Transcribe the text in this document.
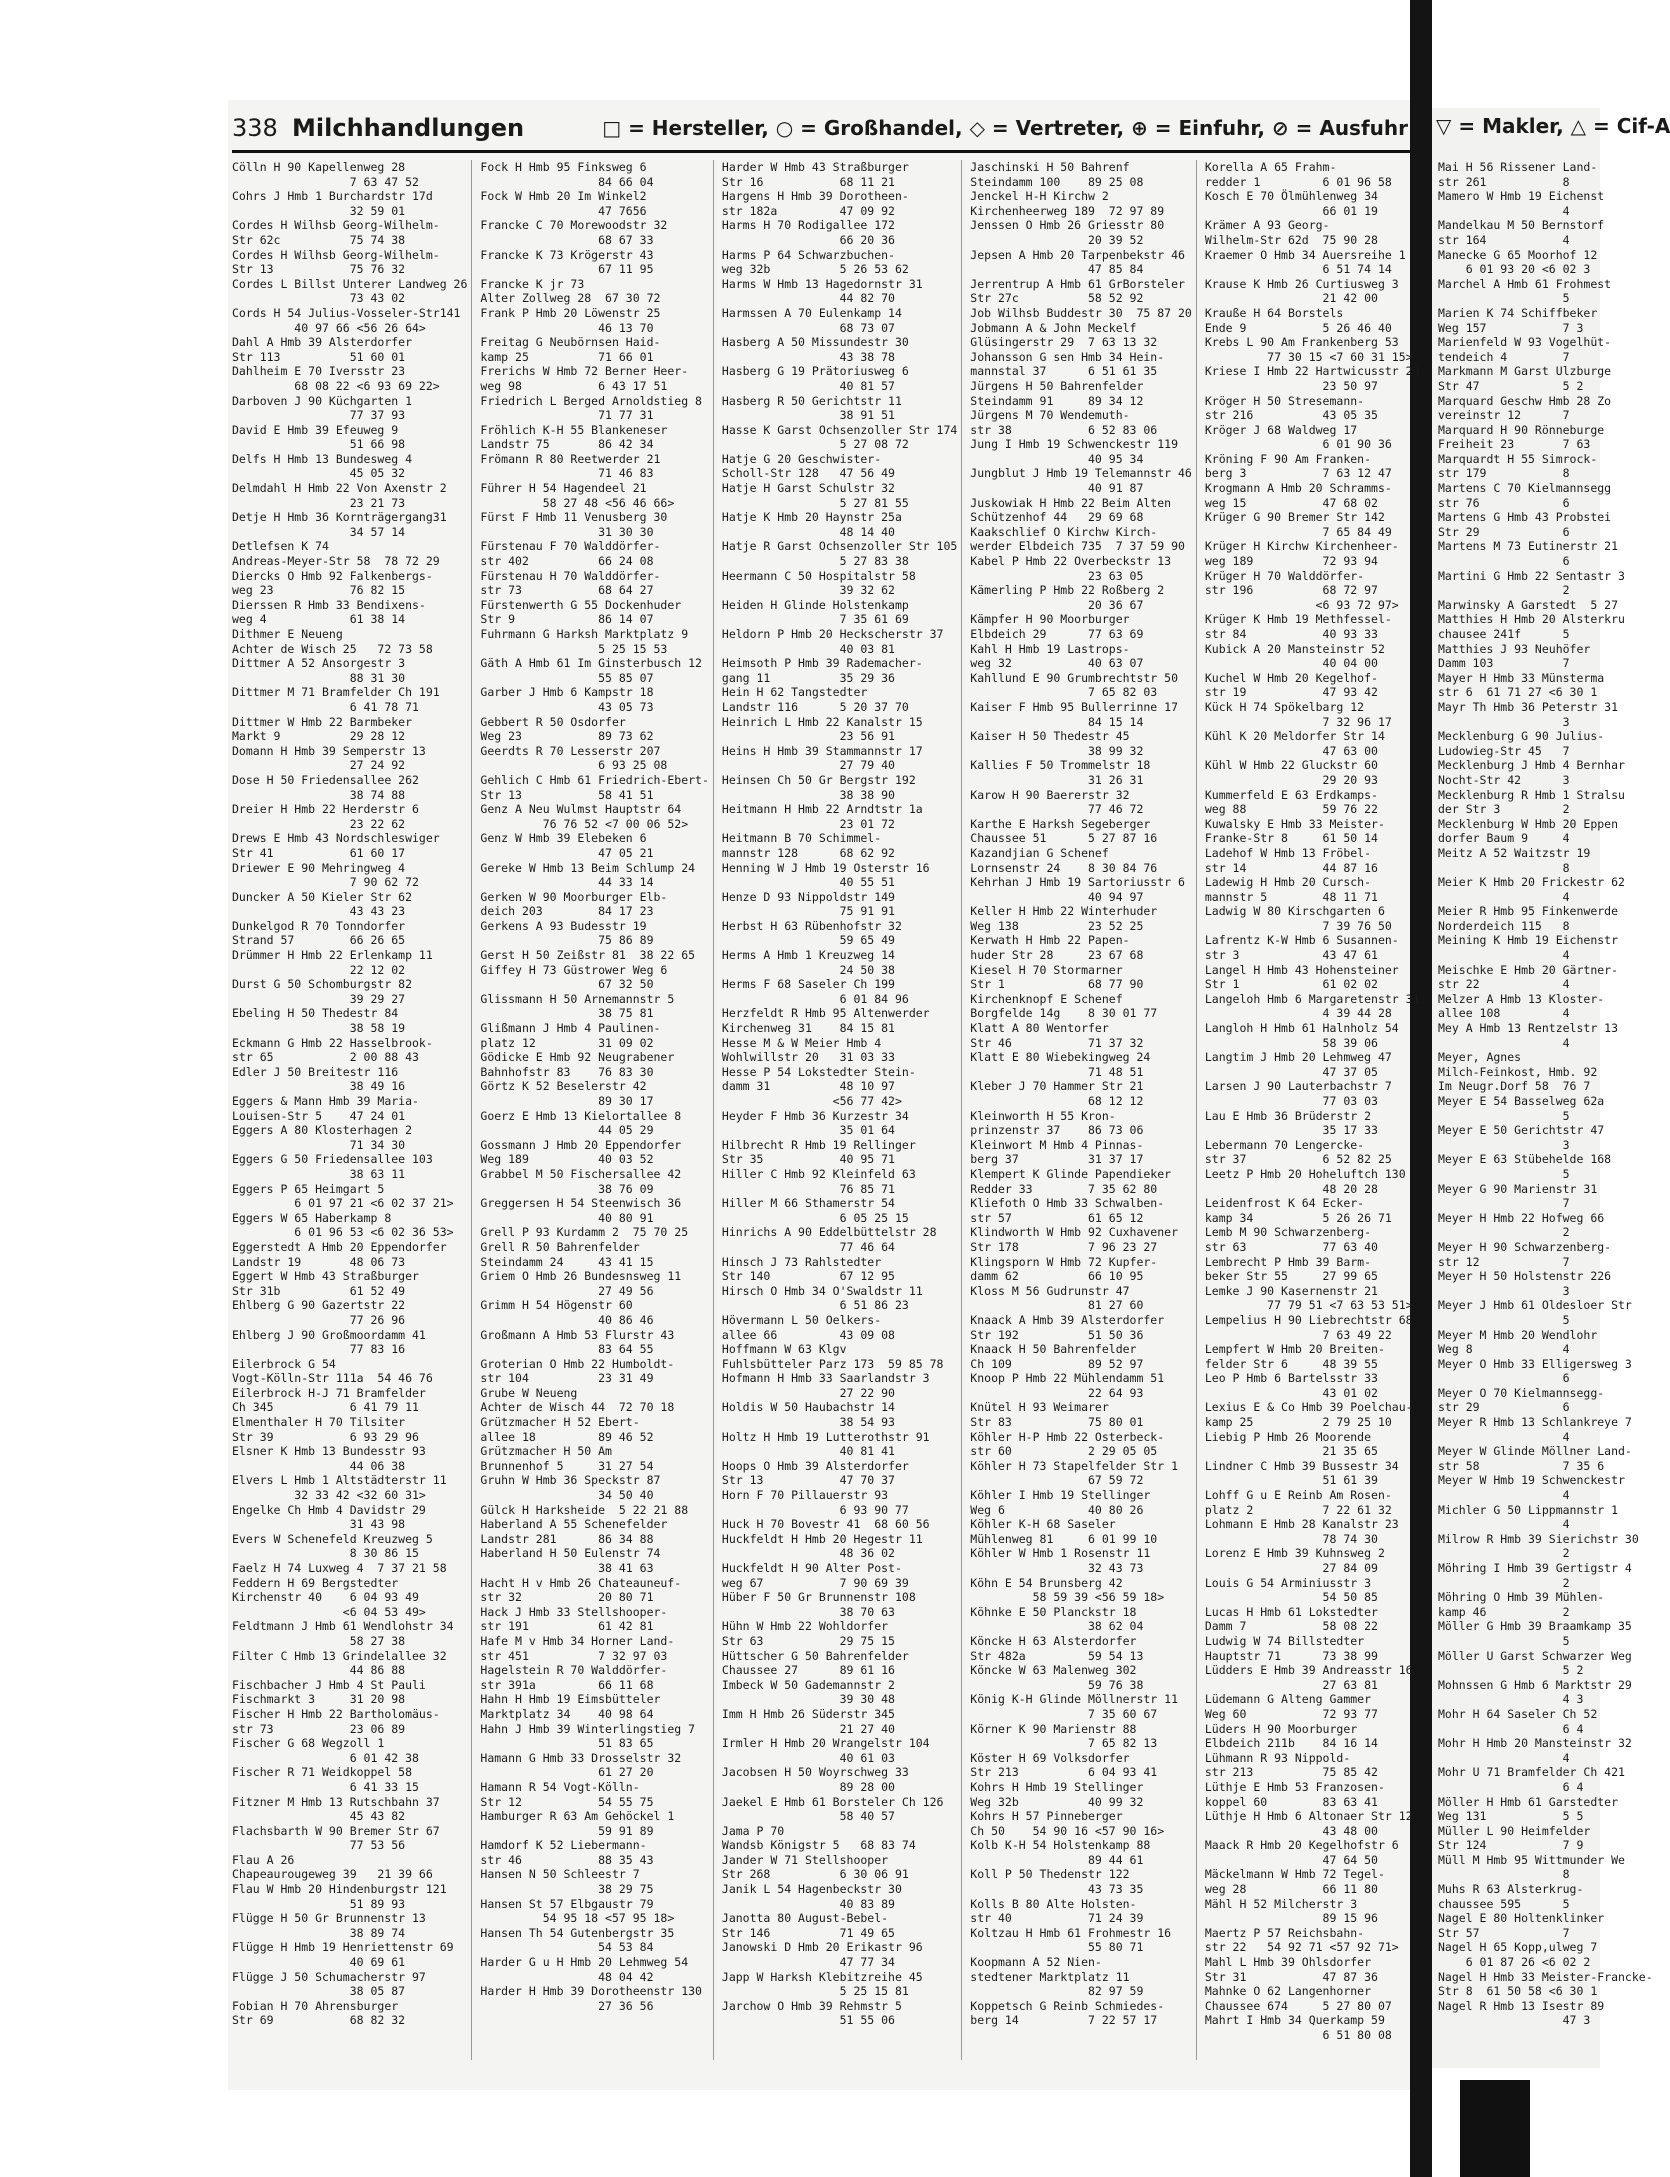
▽ = Makler, △ = Cif-A
Mai H 56 Rissener Land-
str 261           8
Mamero W Hmb 19 Eichenst
4
Mandelkau M 50 Bernstorf
str 164           4
Manecke G 65 Moorhof 12
6 01 93 20 <6 02 3
Marchel A Hmb 61 Frohmest
5
Marien K 74 Schiffbeker
Weg 157           7 3
Marienfeld W 93 Vogelhüt-
tendeich 4        7
Markmann M Garst Ulzburge
Str 47            5 2
Marquard Geschw Hmb 28 Zo
vereinstr 12      7
Marquard H 90 Rönneburge
Freiheit 23       7 63
Marquardt H 55 Simrock-
str 179           8
Martens C 70 Kielmannsegg
str 76            6
Martens G Hmb 43 Probstei
Str 29            6
Martens M 73 Eutinerstr 21
6
Martini G Hmb 22 Sentastr 3
2
Marwinsky A Garstedt  5 27
Matthies H Hmb 20 Alsterkru
chausee 241f      5
Matthies J 93 Neuhöfer
Damm 103          7
Mayer H Hmb 33 Münsterma
str 6  61 71 27 <6 30 1
Mayr Th Hmb 36 Peterstr 31
3
Mecklenburg G 90 Julius-
Ludowieg-Str 45   7
Mecklenburg J Hmb 4 Bernhar
Nocht-Str 42      3
Mecklenburg R Hmb 1 Stralsu
der Str 3         2
Mecklenburg W Hmb 20 Eppen
dorfer Baum 9     4
Meitz A 52 Waitzstr 19
8
Meier K Hmb 20 Frickestr 62
4
Meier R Hmb 95 Finkenwerde
Norderdeich 115   8
Meining K Hmb 19 Eichenstr
4
Meischke E Hmb 20 Gärtner-
str 22            4
Melzer A Hmb 13 Kloster-
allee 108         4
Mey A Hmb 13 Rentzelstr 13
4
Meyer, Agnes
Milch-Feinkost, Hmb. 92
Im Neugr.Dorf 58  76 7
Meyer E 54 Basselweg 62a
5
Meyer E 50 Gerichtstr 47
3
Meyer E 63 Stübehelde 168
5
Meyer G 90 Marienstr 31
7
Meyer H Hmb 22 Hofweg 66
2
Meyer H 90 Schwarzenberg-
str 12            7
Meyer H 50 Holstenstr 226
3
Meyer J Hmb 61 Oldesloer Str
5
Meyer M Hmb 20 Wendlohr
Weg 8             4
Meyer O Hmb 33 Elligersweg 3
6
Meyer O 70 Kielmannsegg-
str 29            6
Meyer R Hmb 13 Schlankreye 7
4
Meyer W Glinde Möllner Land-
str 58            7 35 6
Meyer W Hmb 19 Schwenckestr
4
Michler G 50 Lippmannstr 1
4
Milrow R Hmb 39 Sierichstr 30
2
Möhring I Hmb 39 Gertigstr 4
2
Möhring O Hmb 39 Mühlen-
kamp 46           2
Möller G Hmb 39 Braamkamp 35
5
Möller U Garst Schwarzer Weg
5 2
Mohnssen G Hmb 6 Marktstr 29
4 3
Mohr H 64 Saseler Ch 52
6 4
Mohr H Hmb 20 Mansteinstr 32
4
Mohr U 71 Bramfelder Ch 421
6 4
Möller H Hmb 61 Garstedter
Weg 131           5 5
Müller L 90 Heimfelder
Str 124           7 9
Müll M Hmb 95 Wittmunder We
8
Muhs R 63 Alsterkrug-
chaussee 595      5
Nagel E 80 Holtenklinker
Str 57            7
Nagel H 65 Kopp,ulweg 7
6 01 87 26 <6 02 2
Nagel H Hmb 33 Meister-Francke-
Str 8  61 50 58 <6 30 1
Nagel R Hmb 13 Isestr 89
47 3
338 Milchhandlungen	□ = Hersteller, ○ = Großhandel, ◇ = Vertreter, ⊕ = Einfuhr, ⊘ = Ausfuhr
Cölln H 90 Kapellenweg 28
7 63 47 52
Cohrs J Hmb 1 Burchardstr 17d
32 59 01
Cordes H Wilhsb Georg-Wilhelm-
Str 62c          75 74 38
Cordes H Wilhsb Georg-Wilhelm-
Str 13           75 76 32
Cordes L Billst Unterer Landweg 26
73 43 02
Cords H 54 Julius-Vosseler-Str141
40 97 66 <56 26 64>
Dahl A Hmb 39 Alsterdorfer
Str 113          51 60 01
Dahlheim E 70 Iversstr 23
68 08 22 <6 93 69 22>
Darboven J 90 Küchgarten 1
77 37 93
David E Hmb 39 Efeuweg 9
51 66 98
Delfs H Hmb 13 Bundesweg 4
45 05 32
Delmdahl H Hmb 22 Von Axenstr 2
23 21 73
Detje H Hmb 36 Kornträgergang31
34 57 14
Detlefsen K 74
Andreas-Meyer-Str 58  78 72 29
Diercks O Hmb 92 Falkenbergs-
weg 23           76 82 15
Dierssen R Hmb 33 Bendixens-
weg 4            61 38 14
Dithmer E Neueng
Achter de Wisch 25   72 73 58
Dittmer A 52 Ansorgestr 3
88 31 30
Dittmer M 71 Bramfelder Ch 191
6 41 78 71
Dittmer W Hmb 22 Barmbeker
Markt 9          29 28 12
Domann H Hmb 39 Semperstr 13
27 24 92
Dose H 50 Friedensallee 262
38 74 88
Dreier H Hmb 22 Herderstr 6
23 22 62
Drews E Hmb 43 Nordschleswiger
Str 41           61 60 17
Driewer E 90 Mehringweg 4
7 90 62 72
Duncker A 50 Kieler Str 62
43 43 23
Dunkelgod R 70 Tonndorfer
Strand 57        66 26 65
Drümmer H Hmb 22 Erlenkamp 11
22 12 02
Durst G 50 Schomburgstr 82
39 29 27
Ebeling H 50 Thedestr 84
38 58 19
Eckmann G Hmb 22 Hasselbrook-
str 65           2 00 88 43
Edler J 50 Breitestr 116
38 49 16
Eggers & Mann Hmb 39 Maria-
Louisen-Str 5    47 24 01
Eggers A 80 Klosterhagen 2
71 34 30
Eggers G 50 Friedensallee 103
38 63 11
Eggers P 65 Heimgart 5
6 01 97 21 <6 02 37 21>
Eggers W 65 Haberkamp 8
6 01 96 53 <6 02 36 53>
Eggerstedt A Hmb 20 Eppendorfer
Landstr 19       48 06 73
Eggert W Hmb 43 Straßburger
Str 31b          61 52 49
Ehlberg G 90 Gazertstr 22
77 26 96
Ehlberg J 90 Großmoordamm 41
77 83 16
Eilerbrock G 54
Vogt-Kölln-Str 111a  54 46 76
Eilerbrock H-J 71 Bramfelder
Ch 345           6 41 79 11
Elmenthaler H 70 Tilsiter
Str 39           6 93 29 96
Elsner K Hmb 13 Bundesstr 93
44 06 38
Elvers L Hmb 1 Altstädterstr 11
32 33 42 <32 60 31>
Engelke Ch Hmb 4 Davidstr 29
31 43 98
Evers W Schenefeld Kreuzweg 5
8 30 86 15
Faelz H 74 Luxweg 4  7 37 21 58
Feddern H 69 Bergstedter
Kirchenstr 40    6 04 93 49
<6 04 53 49>
Feldtmann J Hmb 61 Wendlohstr 34
58 27 38
Filter C Hmb 13 Grindelallee 32
44 86 88
Fischbacher J Hmb 4 St Pauli
Fischmarkt 3     31 20 98
Fischer H Hmb 22 Bartholomäus-
str 73           23 06 89
Fischer G 68 Wegzoll 1
6 01 42 38
Fischer R 71 Weidkoppel 58
6 41 33 15
Fitzner M Hmb 13 Rutschbahn 37
45 43 82
Flachsbarth W 90 Bremer Str 67
77 53 56
Flau A 26
Chapeaurougeweg 39   21 39 66
Flau W Hmb 20 Hindenburgstr 121
51 89 93
Flügge H 50 Gr Brunnenstr 13
38 89 74
Flügge H Hmb 19 Henriettenstr 69
40 69 61
Flügge J 50 Schumacherstr 97
38 05 87
Fobian H 70 Ahrensburger
Str 69           68 82 32
Fock H Hmb 95 Finksweg 6
84 66 04
Fock W Hmb 20 Im Winkel2
47 7656
Francke C 70 Morewoodstr 32
68 67 33
Francke K 73 Krögerstr 43
67 11 95
Francke K jr 73
Alter Zollweg 28  67 30 72
Frank P Hmb 20 Löwenstr 25
46 13 70
Freitag G Neubörnsen Haid-
kamp 25          71 66 01
Frerichs W Hmb 72 Berner Heer-
weg 98           6 43 17 51
Friedrich L Berged Arnoldstieg 8
71 77 31
Fröhlich K-H 55 Blankeneser
Landstr 75       86 42 34
Frömann R 80 Reetwerder 21
71 46 83
Führer H 54 Hagendeel 21
58 27 48 <56 46 66>
Fürst F Hmb 11 Venusberg 30
31 30 30
Fürstenau F 70 Walddörfer-
str 402          66 24 08
Fürstenau H 70 Walddörfer-
str 73           68 64 27
Fürstenwerth G 55 Dockenhuder
Str 9            86 14 07
Fuhrmann G Harksh Marktplatz 9
5 25 15 53
Gäth A Hmb 61 Im Ginsterbusch 12
55 85 07
Garber J Hmb 6 Kampstr 18
43 05 73
Gebbert R 50 Osdorfer
Weg 23           89 73 62
Geerdts R 70 Lesserstr 207
6 93 25 08
Gehlich C Hmb 61 Friedrich-Ebert-
Str 13           58 41 51
Genz A Neu Wulmst Hauptstr 64
76 76 52 <7 00 06 52>
Genz W Hmb 39 Elebeken 6
47 05 21
Gereke W Hmb 13 Beim Schlump 24
44 33 14
Gerken W 90 Moorburger Elb-
deich 203        84 17 23
Gerkens A 93 Budesstr 19
75 86 89
Gerst H 50 Zeißstr 81  38 22 65
Giffey H 73 Güstrower Weg 6
67 32 50
Glissmann H 50 Arnemannstr 5
38 75 81
Glißmann J Hmb 4 Paulinen-
platz 12         31 09 02
Gödicke E Hmb 92 Neugrabener
Bahnhofstr 83    76 83 30
Görtz K 52 Beselerstr 42
89 30 17
Goerz E Hmb 13 Kielortallee 8
44 05 29
Gossmann J Hmb 20 Eppendorfer
Weg 189          40 03 52
Grabbel M 50 Fischersallee 42
38 76 09
Greggersen H 54 Steenwisch 36
40 80 91
Grell P 93 Kurdamm 2  75 70 25
Grell R 50 Bahrenfelder
Steindamm 24     43 41 15
Griem O Hmb 26 Bundesnsweg 11
27 49 56
Grimm H 54 Högenstr 60
40 86 46
Großmann A Hmb 53 Flurstr 43
83 64 55
Groterian O Hmb 22 Humboldt-
str 104          23 31 49
Grube W Neueng
Achter de Wisch 44  72 70 18
Grützmacher H 52 Ebert-
allee 18         89 46 52
Grützmacher H 50 Am
Brunnenhof 5     31 27 54
Gruhn W Hmb 36 Speckstr 87
34 50 40
Gülck H Harksheide  5 22 21 88
Haberland A 55 Schenefelder
Landstr 281      86 34 88
Haberland H 50 Eulenstr 74
38 41 63
Hacht H v Hmb 26 Chateauneuf-
str 32           20 80 71
Hack J Hmb 33 Stellshooper-
str 191          61 42 81
Hafe M v Hmb 34 Horner Land-
str 451          7 32 97 03
Hagelstein R 70 Walddörfer-
str 391a         66 11 68
Hahn H Hmb 19 Eimsbütteler
Marktplatz 34    40 98 64
Hahn J Hmb 39 Winterlingstieg 7
51 83 65
Hamann G Hmb 33 Drosselstr 32
61 27 20
Hamann R 54 Vogt-Kölln-
Str 12           54 55 75
Hamburger R 63 Am Gehöckel 1
59 91 89
Hamdorf K 52 Liebermann-
str 46           88 35 43
Hansen N 50 Schleestr 7
38 29 75
Hansen St 57 Elbgaustr 79
54 95 18 <57 95 18>
Hansen Th 54 Gutenbergstr 35
54 53 84
Harder G u H Hmb 20 Lehmweg 54
48 04 42
Harder H Hmb 39 Dorotheenstr 130
27 36 56
Harder W Hmb 43 Straßburger
Str 16           68 11 21
Hargens H Hmb 39 Dorotheen-
str 182a         47 09 92
Harms H 70 Rodigallee 172
66 20 36
Harms P 64 Schwarzbuchen-
weg 32b          5 26 53 62
Harms W Hmb 13 Hagedornstr 31
44 82 70
Harmssen A 70 Eulenkamp 14
68 73 07
Hasberg A 50 Missundestr 30
43 38 78
Hasberg G 19 Prätoriusweg 6
40 81 57
Hasberg R 50 Gerichtstr 11
38 91 51
Hasse K Garst Ochsenzoller Str 174
5 27 08 72
Hatje G 20 Geschwister-
Scholl-Str 128   47 56 49
Hatje H Garst Schulstr 32
5 27 81 55
Hatje K Hmb 20 Haynstr 25a
48 14 40
Hatje R Garst Ochsenzoller Str 105
5 27 83 38
Heermann C 50 Hospitalstr 58
39 32 62
Heiden H Glinde Holstenkamp
7 35 61 69
Heldorn P Hmb 20 Heckscherstr 37
40 03 81
Heimsoth P Hmb 39 Rademacher-
gang 11          35 29 36
Hein H 62 Tangstedter
Landstr 116      5 20 37 70
Heinrich L Hmb 22 Kanalstr 15
23 56 91
Heins H Hmb 39 Stammannstr 17
27 79 40
Heinsen Ch 50 Gr Bergstr 192
38 38 90
Heitmann H Hmb 22 Arndtstr 1a
23 01 72
Heitmann B 70 Schimmel-
mannstr 128      68 62 92
Henning W J Hmb 19 Osterstr 16
40 55 51
Henze D 93 Nippoldstr 149
75 91 91
Herbst H 63 Rübenhofstr 32
59 65 49
Herms A Hmb 1 Kreuzweg 14
24 50 38
Herms F 68 Saseler Ch 199
6 01 84 96
Herzfeldt R Hmb 95 Altenwerder
Kirchenweg 31    84 15 81
Hesse M & W Meier Hmb 4
Wohlwillstr 20   31 03 33
Hesse P 54 Lokstedter Stein-
damm 31          48 10 97
<56 77 42>
Heyder F Hmb 36 Kurzestr 34
35 01 64
Hilbrecht R Hmb 19 Rellinger
Str 35           40 95 71
Hiller C Hmb 92 Kleinfeld 63
76 85 71
Hiller M 66 Sthamerstr 54
6 05 25 15
Hinrichs A 90 Eddelbüttelstr 28
77 46 64
Hinsch J 73 Rahlstedter
Str 140          67 12 95
Hirsch O Hmb 34 O'Swaldstr 11
6 51 86 23
Hövermann L 50 Oelkers-
allee 66         43 09 08
Hoffmann W 63 Klgv
Fuhlsbütteler Parz 173  59 85 78
Hofmann H Hmb 33 Saarlandstr 3
27 22 90
Holdis W 50 Haubachstr 14
38 54 93
Holtz H Hmb 19 Lutterothstr 91
40 81 41
Hoops O Hmb 39 Alsterdorfer
Str 13           47 70 37
Horn F 70 Pillauerstr 93
6 93 90 77
Huck H 70 Bovestr 41  68 60 56
Huckfeldt H Hmb 20 Hegestr 11
48 36 02
Huckfeldt H 90 Alter Post-
weg 67           7 90 69 39
Hüber F 50 Gr Brunnenstr 108
38 70 63
Hühn W Hmb 22 Wohldorfer
Str 63           29 75 15
Hüttscher G 50 Bahrenfelder
Chaussee 27      89 61 16
Imbeck W 50 Gademannstr 2
39 30 48
Imm H Hmb 26 Süderstr 345
21 27 40
Irmler H Hmb 20 Wrangelstr 104
40 61 03
Jacobsen H 50 Woyrschweg 33
89 28 00
Jaekel E Hmb 61 Borsteler Ch 126
58 40 57
Jama P 70
Wandsb Königstr 5   68 83 74
Jander W 71 Stellshooper
Str 268          6 30 06 91
Janik L 54 Hagenbeckstr 30
40 83 89
Janotta 80 August-Bebel-
Str 146          71 49 65
Janowski D Hmb 20 Erikastr 96
47 77 34
Japp W Harksh Klebitzreihe 45
5 25 15 81
Jarchow O Hmb 39 Rehmstr 5
51 55 06
Jaschinski H 50 Bahrenf
Steindamm 100    89 25 08
Jenckel H-H Kirchw 2
Kirchenheerweg 189  72 97 89
Jenssen O Hmb 26 Griesstr 80
20 39 52
Jepsen A Hmb 20 Tarpenbekstr 46
47 85 84
Jerrentrup A Hmb 61 GrBorsteler
Str 27c          58 52 92
Job Wilhsb Buddestr 30  75 87 20
Jobmann A & John Meckelf
Glüsingerstr 29  7 63 13 32
Johansson G sen Hmb 34 Hein-
mannstal 37      6 51 61 35
Jürgens H 50 Bahrenfelder
Steindamm 91     89 34 12
Jürgens M 70 Wendemuth-
str 38           6 52 83 06
Jung I Hmb 19 Schwenckestr 119
40 95 34
Jungblut J Hmb 19 Telemannstr 46
40 91 87
Juskowiak H Hmb 22 Beim Alten
Schützenhof 44   29 69 68
Kaakschlief O Kirchw Kirch-
werder Elbdeich 735  7 37 59 90
Kabel P Hmb 22 Overbeckstr 13
23 63 05
Kämerling P Hmb 22 Roßberg 2
20 36 67
Kämpfer H 90 Moorburger
Elbdeich 29      77 63 69
Kahl H Hmb 19 Lastrops-
weg 32           40 63 07
Kahllund E 90 Grumbrechtstr 50
7 65 82 03
Kaiser F Hmb 95 Bullerrinne 17
84 15 14
Kaiser H 50 Thedestr 45
38 99 32
Kallies F 50 Trommelstr 18
31 26 31
Karow H 90 Baererstr 32
77 46 72
Karthe E Harksh Segeberger
Chaussee 51      5 27 87 16
Kazandjian G Schenef
Lornsenstr 24    8 30 84 76
Kehrhan J Hmb 19 Sartoriusstr 6
40 94 97
Keller H Hmb 22 Winterhuder
Weg 138          23 52 25
Kerwath H Hmb 22 Papen-
huder Str 28     23 67 68
Kiesel H 70 Stormarner
Str 1            68 77 90
Kirchenknopf E Schenef
Borgfelde 14g    8 30 01 77
Klatt A 80 Wentorfer
Str 46           71 37 32
Klatt E 80 Wiebekingweg 24
71 48 51
Kleber J 70 Hammer Str 21
68 12 12
Kleinworth H 55 Kron-
prinzenstr 37    86 73 06
Kleinwort M Hmb 4 Pinnas-
berg 37          31 37 17
Klempert K Glinde Papendieker
Redder 33        7 35 62 80
Kliefoth O Hmb 33 Schwalben-
str 57           61 65 12
Klindworth W Hmb 92 Cuxhavener
Str 178          7 96 23 27
Klingsporn W Hmb 72 Kupfer-
damm 62          66 10 95
Kloss M 56 Gudrunstr 47
81 27 60
Knaack A Hmb 39 Alsterdorfer
Str 192          51 50 36
Knaack H 50 Bahrenfelder
Ch 109           89 52 97
Knoop P Hmb 22 Mühlendamm 51
22 64 93
Knütel H 93 Weimarer
Str 83           75 80 01
Köhler H-P Hmb 22 Osterbeck-
str 60           2 29 05 05
Köhler H 73 Stapelfelder Str 1
67 59 72
Köhler I Hmb 19 Stellinger
Weg 6            40 80 26
Köhler K-H 68 Saseler
Mühlenweg 81     6 01 99 10
Köhler W Hmb 1 Rosenstr 11
32 43 73
Köhn E 54 Brunsberg 42
58 59 39 <56 59 18>
Köhnke E 50 Planckstr 18
38 62 04
Köncke H 63 Alsterdorfer
Str 482a         59 54 13
Köncke W 63 Malenweg 302
59 76 38
König K-H Glinde Möllnerstr 11
7 35 60 67
Körner K 90 Marienstr 88
7 65 82 13
Köster H 69 Volksdorfer
Str 213          6 04 93 41
Kohrs H Hmb 19 Stellinger
Weg 32b          40 99 32
Kohrs H 57 Pinneberger
Ch 50    54 90 16 <57 90 16>
Kolb K-H 54 Holstenkamp 88
89 44 61
Koll P 50 Thedenstr 122
43 73 35
Kolls B 80 Alte Holsten-
str 40           71 24 39
Koltzau H Hmb 61 Frohmestr 16
55 80 71
Koopmann A 52 Nien-
stedtener Marktplatz 11
82 97 59
Koppetsch G Reinb Schmiedes-
berg 14          7 22 57 17
Korella A 65 Frahm-
redder 1         6 01 96 58
Kosch E 70 Ölmühlenweg 34
66 01 19
Krämer A 93 Georg-
Wilhelm-Str 62d  75 90 28
Kraemer O Hmb 34 Auersreihe 1
6 51 74 14
Krause K Hmb 26 Curtiusweg 3
21 42 00
Krauße H 64 Borstels
Ende 9           5 26 46 40
Krebs L 90 Am Frankenberg 53
77 30 15 <7 60 31 15>
Kriese I Hmb 22 Hartwicusstr 20
23 50 97
Kröger H 50 Stresemann-
str 216          43 05 35
Kröger J 68 Waldweg 17
6 01 90 36
Kröning F 90 Am Franken-
berg 3           7 63 12 47
Krogmann A Hmb 20 Schramms-
weg 15           47 68 02
Krüger G 90 Bremer Str 142
7 65 84 49
Krüger H Kirchw Kirchenheer-
weg 189          72 93 94
Krüger H 70 Walddörfer-
str 196          68 72 97
<6 93 72 97>
Krüger K Hmb 19 Methfessel-
str 84           40 93 33
Kubick A 20 Mansteinstr 52
40 04 00
Kuchel W Hmb 20 Kegelhof-
str 19           47 93 42
Kück H 74 Spökelbarg 12
7 32 96 17
Kühl K 20 Meldorfer Str 14
47 63 00
Kühl W Hmb 22 Gluckstr 60
29 20 93
Kummerfeld E 63 Erdkamps-
weg 88           59 76 22
Kuwalsky E Hmb 33 Meister-
Franke-Str 8     61 50 14
Ladehof W Hmb 13 Fröbel-
str 14           44 87 16
Ladewig H Hmb 20 Cursch-
mannstr 5        48 11 71
Ladwig W 80 Kirschgarten 6
7 39 76 50
Lafrentz K-W Hmb 6 Susannen-
str 3            43 47 61
Langel H Hmb 43 Hohensteiner
Str 1            61 02 02
Langeloh Hmb 6 Margaretenstr 31
4 39 44 28
Langloh H Hmb 61 Halnholz 54
58 39 06
Langtim J Hmb 20 Lehmweg 47
47 37 05
Larsen J 90 Lauterbachstr 7
77 03 03
Lau E Hmb 36 Brüderstr 2
35 17 33
Lebermann 70 Lengercke-
str 37           6 52 82 25
Leetz P Hmb 20 Hoheluftch 130
48 20 28
Leidenfrost K 64 Ecker-
kamp 34          5 26 26 71
Lemb M 90 Schwarzenberg-
str 63           77 63 40
Lembrecht P Hmb 39 Barm-
beker Str 55     27 99 65
Lemke J 90 Kasernenstr 21
77 79 51 <7 63 53 51>
Lempelius H 90 Liebrechtstr 68
7 63 49 22
Lempfert W Hmb 20 Breiten-
felder Str 6     48 39 55
Leo P Hmb 6 Bartelsstr 33
43 01 02
Lexius E & Co Hmb 39 Poelchau-
kamp 25          2 79 25 10
Liebig P Hmb 26 Moorende
21 35 65
Lindner C Hmb 39 Bussestr 34
51 61 39
Lohff G u E Reinb Am Rosen-
platz 2          7 22 61 32
Lohmann E Hmb 28 Kanalstr 23
78 74 30
Lorenz E Hmb 39 Kuhnsweg 2
27 84 09
Louis G 54 Arminiusstr 3
54 50 85
Lucas H Hmb 61 Lokstedter
Damm 7           58 08 22
Ludwig W 74 Billstedter
Hauptstr 71      73 38 99
Lüdders E Hmb 39 Andreasstr 16
27 63 81
Lüdemann G Alteng Gammer
Weg 60           72 93 77
Lüders H 90 Moorburger
Elbdeich 211b    84 16 14
Lühmann R 93 Nippold-
str 213          75 85 42
Lüthje E Hmb 53 Franzosen-
koppel 60        83 63 41
Lüthje H Hmb 6 Altonaer Str 12
43 48 00
Maack R Hmb 20 Kegelhofstr 6
47 64 50
Mäckelmann W Hmb 72 Tegel-
weg 28           66 11 80
Mähl H 52 Milcherstr 3
89 15 96
Maertz P 57 Reichsbahn-
str 22   54 92 71 <57 92 71>
Mahl L Hmb 39 Ohlsdorfer
Str 31           47 87 36
Mahnke O 62 Langenhorner
Chaussee 674     5 27 80 07
Mahrt I Hmb 34 Querkamp 59
6 51 80 08
